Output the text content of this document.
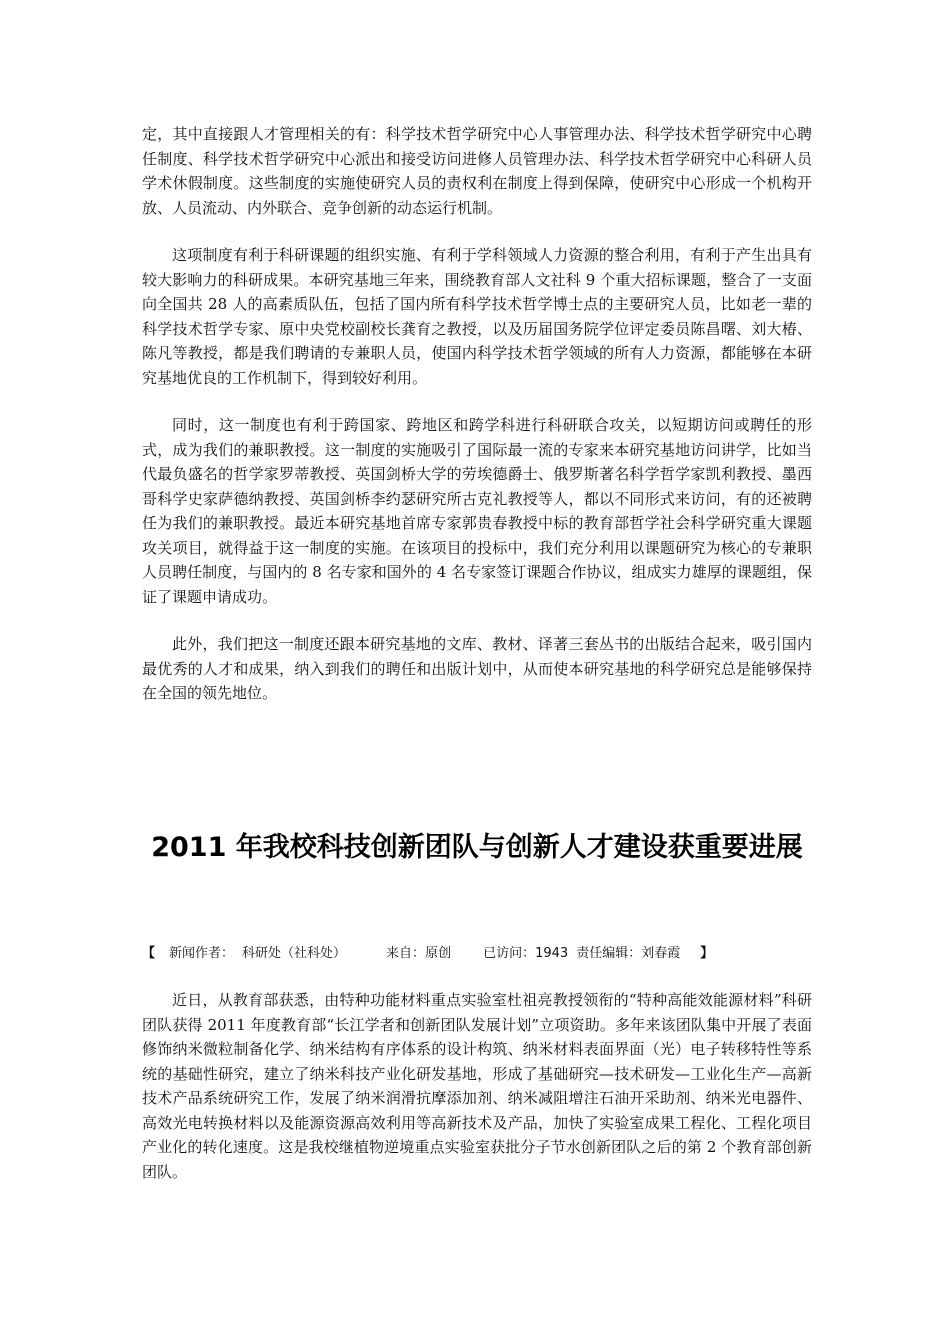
定，其中直接跟人才管理相关的有：科学技术哲学研究中心人事管理办法、科学技术哲学研究中心聘任制度、科学技术哲学研究中心派出和接受访问进修人员管理办法、科学技术哲学研究中心科研人员学术休假制度。这些制度的实施使研究人员的责权利在制度上得到保障，使研究中心形成一个机构开放、人员流动、内外联合、竞争创新的动态运行机制。

这项制度有利于科研课题的组织实施、有利于学科领域人力资源的整合利用，有利于产生出具有较大影响力的科研成果。本研究基地三年来，围绕教育部人文社科 9 个重大招标课题，整合了一支面向全国共 28 人的高素质队伍，包括了国内所有科学技术哲学博士点的主要研究人员，比如老一辈的科学技术哲学专家、原中央党校副校长龚育之教授，以及历届国务院学位评定委员陈昌曙、刘大椿、陈凡等教授，都是我们聘请的专兼职人员，使国内科学技术哲学领域的所有人力资源，都能够在本研究基地优良的工作机制下，得到较好利用。

同时，这一制度也有利于跨国家、跨地区和跨学科进行科研联合攻关，以短期访问或聘任的形式，成为我们的兼职教授。这一制度的实施吸引了国际最一流的专家来本研究基地访问讲学，比如当代最负盛名的哲学家罗蒂教授、英国剑桥大学的劳埃德爵士、俄罗斯著名科学哲学家凯利教授、墨西哥科学史家萨德纳教授、英国剑桥李约瑟研究所古克礼教授等人，都以不同形式来访问，有的还被聘任为我们的兼职教授。最近本研究基地首席专家郭贵春教授中标的教育部哲学社会科学研究重大课题攻关项目，就得益于这一制度的实施。在该项目的投标中，我们充分利用以课题研究为核心的专兼职人员聘任制度，与国内的 8 名专家和国外的 4 名专家签订课题合作协议，组成实力雄厚的课题组，保证了课题申请成功。

此外，我们把这一制度还跟本研究基地的文库、教材、译著三套丛书的出版结合起来，吸引国内最优秀的人才和成果，纳入到我们的聘任和出版计划中，从而使本研究基地的科学研究总是能够保持在全国的领先地位。

2011 年我校科技创新团队与创新人才建设获重要进展
【 新闻作者： 科研处（社科处）	来自：原创 已访问：1943 责任编辑：刘春霞 】

近日，从教育部获悉，由特种功能材料重点实验室杜祖亮教授领衔的“特种高能效能源材料”科研团队获得 2011 年度教育部“长江学者和创新团队发展计划”立项资助。多年来该团队集中开展了表面修饰纳米微粒制备化学、纳米结构有序体系的设计构筑、纳米材料表面界面（光）电子转移特性等系统的基础性研究，建立了纳米科技产业化研发基地，形成了基础研究—技术研发—工业化生产—高新技术产品系统研究工作，发展了纳米润滑抗摩添加剂、纳米减阻增注石油开采助剂、纳米光电器件、高效光电转换材料以及能源资源高效利用等高新技术及产品，加快了实验室成果工程化、工程化项目产业化的转化速度。这是我校继植物逆境重点实验室获批分子节水创新团队之后的第 2 个教育部创新团队。
